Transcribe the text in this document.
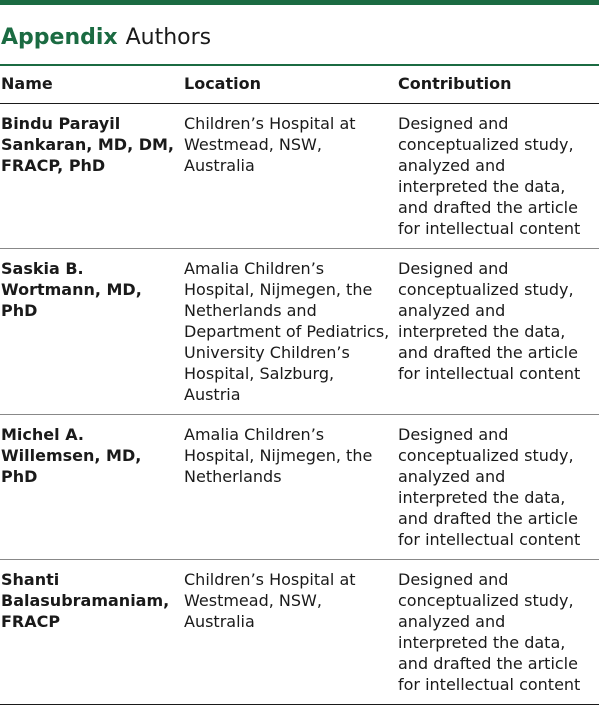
Appendix Authors
Name	Location	Contribution
Bindu Parayil Sankaran, MD, DM, FRACP, PhD	Children’s Hospital at Westmead, NSW, Australia	Designed and conceptualized study, analyzed and interpreted the data, and drafted the article for intellectual content
Saskia B. Wortmann, MD, PhD	Amalia Children’s Hospital, Nijmegen, the Netherlands and Department of Pediatrics, University Children’s Hospital, Salzburg, Austria	Designed and conceptualized study, analyzed and interpreted the data, and drafted the article for intellectual content
Michel A. Willemsen, MD, PhD	Amalia Children’s Hospital, Nijmegen, the Netherlands	Designed and conceptualized study, analyzed and interpreted the data, and drafted the article for intellectual content
Shanti Balasubramaniam, FRACP	Children’s Hospital at Westmead, NSW, Australia	Designed and conceptualized study, analyzed and interpreted the data, and drafted the article for intellectual content
